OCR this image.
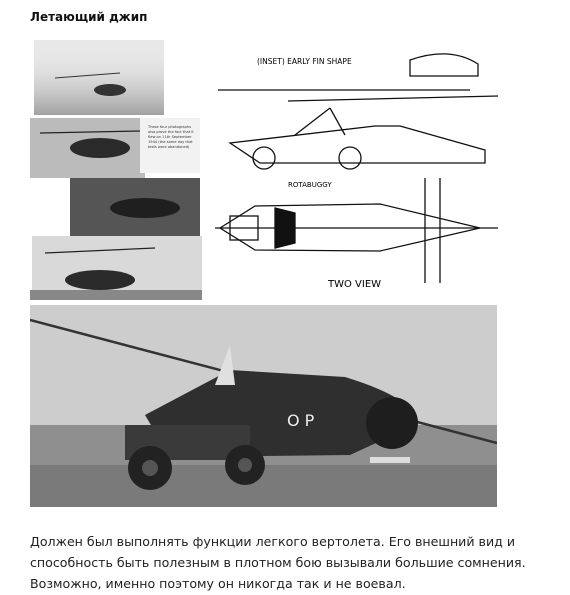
Летающий джип
These four photographs
also prove the fact that it
flew on 11th September
1944 (the same day that
tests were abandoned)
(INSET) EARLY FIN SHAPE
ROTABUGGY
TWO VIEW
O P

Должен был выполнять функции легкого вертолета. Его внешний вид и

способность быть полезным в плотном бою вызывали большие сомнения.

Возможно, именно поэтому он никогда так и не воевал.
